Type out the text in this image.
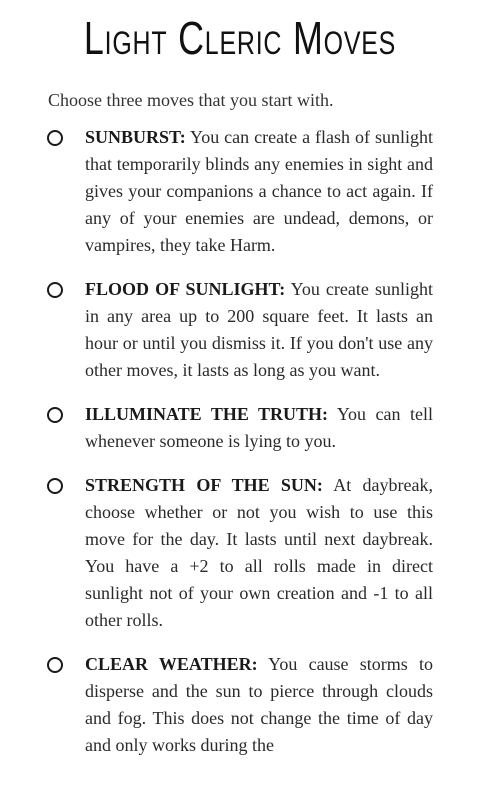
Light Cleric Moves
Choose three moves that you start with.
SUNBURST: You can create a flash of sunlight that temporarily blinds any enemies in sight and gives your companions a chance to act again. If any of your enemies are undead, demons, or vampires, they take Harm.
FLOOD OF SUNLIGHT: You create sunlight in any area up to 200 square feet. It lasts an hour or until you dismiss it. If you don't use any other moves, it lasts as long as you want.
ILLUMINATE THE TRUTH: You can tell whenever someone is lying to you.
STRENGTH OF THE SUN: At daybreak, choose whether or not you wish to use this move for the day. It lasts until next daybreak. You have a +2 to all rolls made in direct sunlight not of your own creation and -1 to all other rolls.
CLEAR WEATHER: You cause storms to disperse and the sun to pierce through clouds and fog. This does not change the time of day and only works during the
